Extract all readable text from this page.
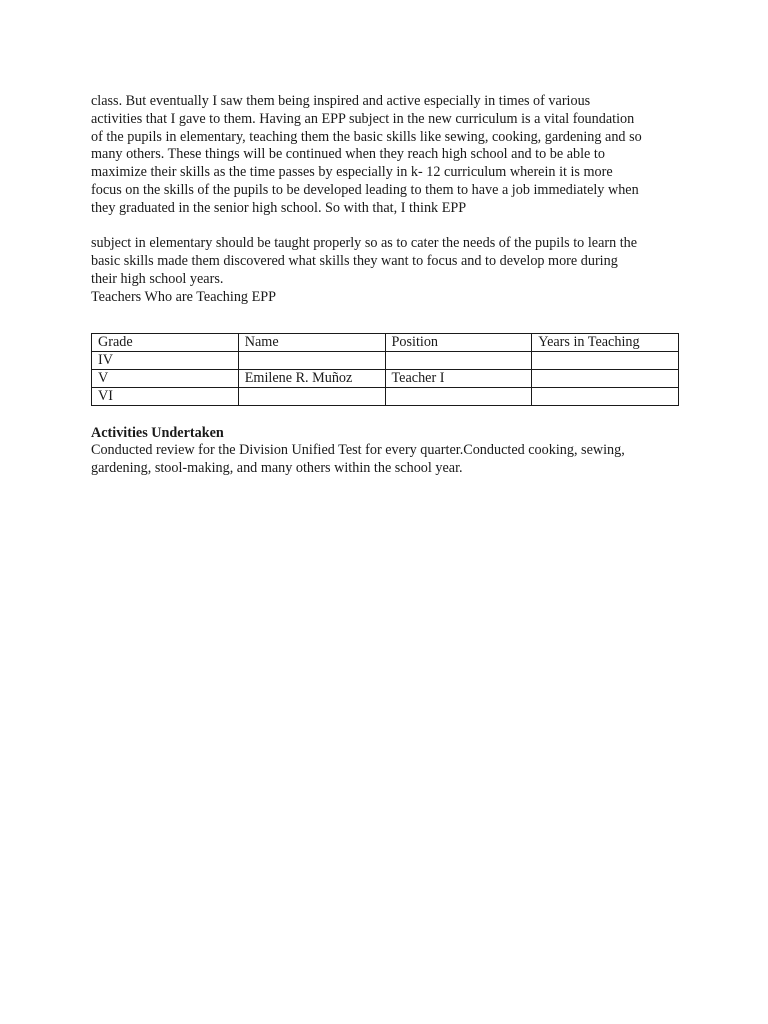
class. But eventually I saw them being inspired and active especially in times of various

activities that I gave to them. Having an EPP subject in the new curriculum is a vital foundation

of the pupils in elementary, teaching them the basic skills like sewing, cooking, gardening and so

many others. These things will be continued when they reach high school and to be able to

maximize their skills as the time passes by especially in k- 12 curriculum wherein it is more

focus on the skills of the pupils to be developed leading to them to have a job immediately when

they graduated in the senior high school. So with that, I think EPP

subject in elementary should be taught properly so as to cater the needs of the pupils to learn the

basic skills made them discovered what skills they want to focus and to develop more during

their high school years.

Teachers Who are Teaching EPP

Grade	Name	Position	Years in Teaching
IV			
V	Emilene R. Muñoz	Teacher I	
VI			

Activities Undertaken

Conducted review for the Division Unified Test for every quarter.Conducted cooking, sewing,

gardening, stool-making, and many others within the school year.
